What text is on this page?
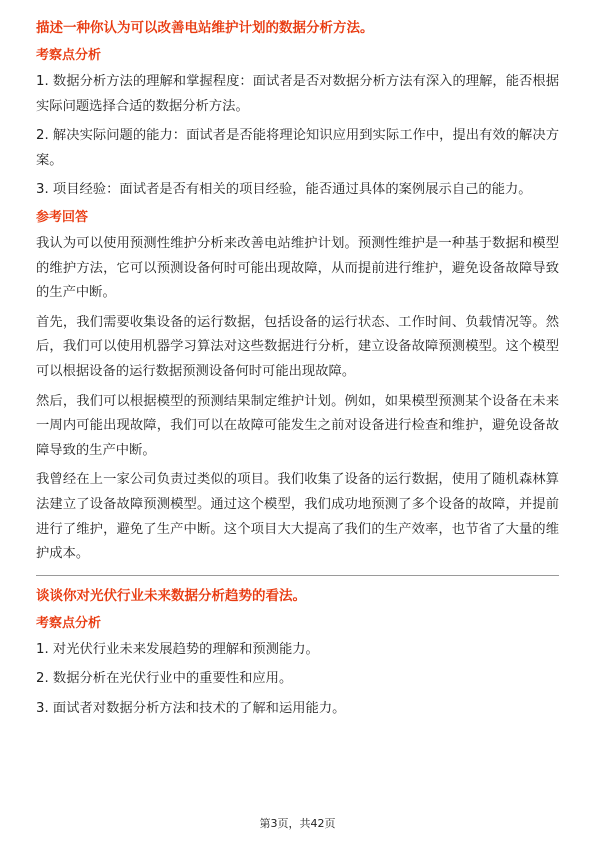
描述一种你认为可以改善电站维护计划的数据分析方法。
考察点分析

1. 数据分析方法的理解和掌握程度：面试者是否对数据分析方法有深入的理解，能否根据实际问题选择合适的数据分析方法。

2. 解决实际问题的能力：面试者是否能将理论知识应用到实际工作中，提出有效的解决方案。

3. 项目经验：面试者是否有相关的项目经验，能否通过具体的案例展示自己的能力。

参考回答

我认为可以使用预测性维护分析来改善电站维护计划。预测性维护是一种基于数据和模型的维护方法，它可以预测设备何时可能出现故障，从而提前进行维护，避免设备故障导致的生产中断。

首先，我们需要收集设备的运行数据，包括设备的运行状态、工作时间、负载情况等。然后，我们可以使用机器学习算法对这些数据进行分析，建立设备故障预测模型。这个模型可以根据设备的运行数据预测设备何时可能出现故障。

然后，我们可以根据模型的预测结果制定维护计划。例如，如果模型预测某个设备在未来一周内可能出现故障，我们可以在故障可能发生之前对设备进行检查和维护，避免设备故障导致的生产中断。

我曾经在上一家公司负责过类似的项目。我们收集了设备的运行数据，使用了随机森林算法建立了设备故障预测模型。通过这个模型，我们成功地预测了多个设备的故障，并提前进行了维护，避免了生产中断。这个项目大大提高了我们的生产效率，也节省了大量的维护成本。

谈谈你对光伏行业未来数据分析趋势的看法。
考察点分析

1. 对光伏行业未来发展趋势的理解和预测能力。

2. 数据分析在光伏行业中的重要性和应用。

3. 面试者对数据分析方法和技术的了解和运用能力。

第3页，共42页
